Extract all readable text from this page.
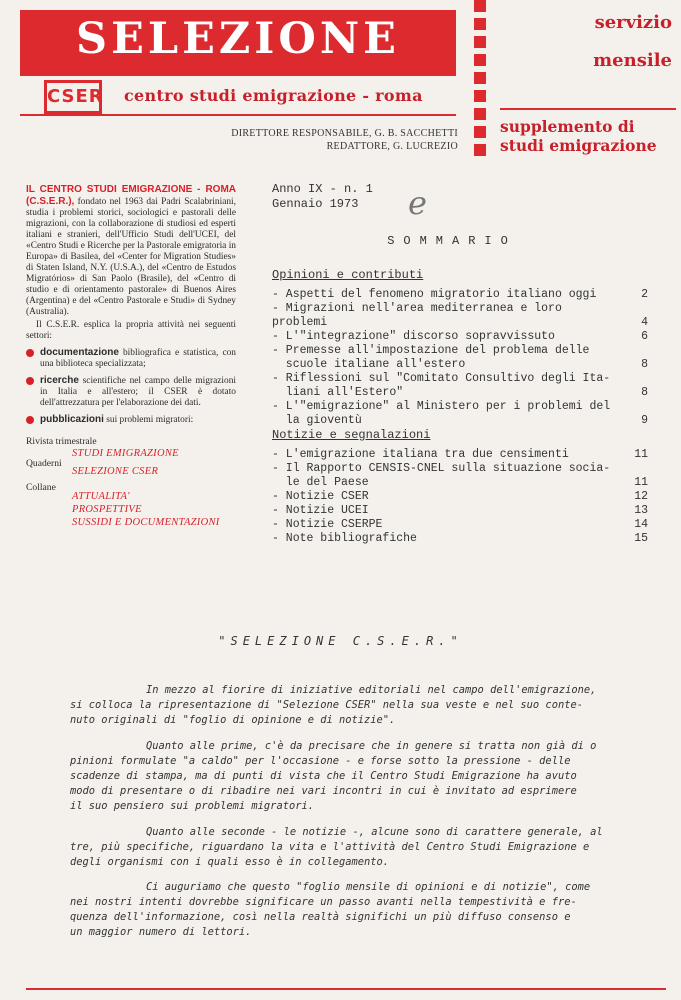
SELEZIONE
CSER centro studi emigrazione - roma
DIRETTORE RESPONSABILE, G. B. SACCHETTI
REDATTORE, G. LUCREZIO
servizio
mensile
supplemento di
studi emigrazione

IL CENTRO STUDI EMIGRAZIONE - ROMA (C.S.E.R.), fondato nel 1963 dai Padri Scalabriniani, studia i problemi storici, sociologici e pastorali delle migrazioni, con la collaborazione di studiosi ed esperti italiani e stranieri, dell'Ufficio Studi dell'UCEI, del «Centro Studi e Ricerche per la Pastorale emigratoria in Europa» di Basilea, del «Center for Migration Studies» di Staten Island, N.Y. (U.S.A.), del «Centro de Estudos Migratórios» di San Paolo (Brasile), del «Centro di studio e di orientamento pastorale» di Buenos Aires (Argentina) e del «Centro Pastorale e Studi» di Sydney (Australia).

Il C.S.E.R. esplica la propria attività nei seguenti settori:

documentazione bibliografica e statistica, con una biblioteca specializzata;

ricerche scientifiche nel campo delle migrazioni in Italia e all'estero; il CSER è dotato dell'attrezzatura per l'elaborazione dei dati.

pubblicazioni sui problemi migratori:

Rivista trimestrale
STUDI EMIGRAZIONE
Quaderni
SELEZIONE CSER
Collane
ATTUALITA'
PROSPETTIVE
SUSSIDI E DOCUMENTAZIONI
Anno IX - n. 1
Gennaio 1973	e
SOMMARIO
Opinioni e contributi
- Aspetti del fenomeno migratorio italiano oggi	2
- Migrazioni nell'area mediterranea e loro problemi	4
- L'"integrazione" discorso sopravvissuto	6
- Premesse all'impostazione del problema delle
scuole italiane all'estero	8
- Riflessioni sul "Comitato Consultivo degli Ita-
liani all'Estero"	8
- L'"emigrazione" al Ministero per i problemi del
la gioventù	9
Notizie e segnalazioni
- L'emigrazione italiana tra due censimenti	11
- Il Rapporto CENSIS-CNEL sulla situazione socia-
le del Paese	11
- Notizie CSER	12
- Notizie UCEI	13
- Notizie CSERPE	14
- Note bibliografiche	15
"SELEZIONE C.S.E.R."
In mezzo al fiorire di iniziative editoriali nel campo dell'emigrazione,
si colloca la ripresentazione di "Selezione CSER" nella sua veste e nel suo conte-
nuto originali di "foglio di opinione e di notizie".
Quanto alle prime, c'è da precisare che in genere si tratta non già di o
pinioni formulate "a caldo" per l'occasione - e forse sotto la pressione - delle
scadenze di stampa, ma di punti di vista che il Centro Studi Emigrazione ha avuto
modo di presentare o di ribadire nei vari incontri in cui è invitato ad esprimere
il suo pensiero sui problemi migratori.
Quanto alle seconde - le notizie -, alcune sono di carattere generale, al
tre, più specifiche, riguardano la vita e l'attività del Centro Studi Emigrazione e
degli organismi con i quali esso è in collegamento.
Ci auguriamo che questo "foglio mensile di opinioni e di notizie", come
nei nostri intenti dovrebbe significare un passo avanti nella tempestività e fre-
quenza dell'informazione, così nella realtà significhi un più diffuso consenso e
un maggior numero di lettori.
